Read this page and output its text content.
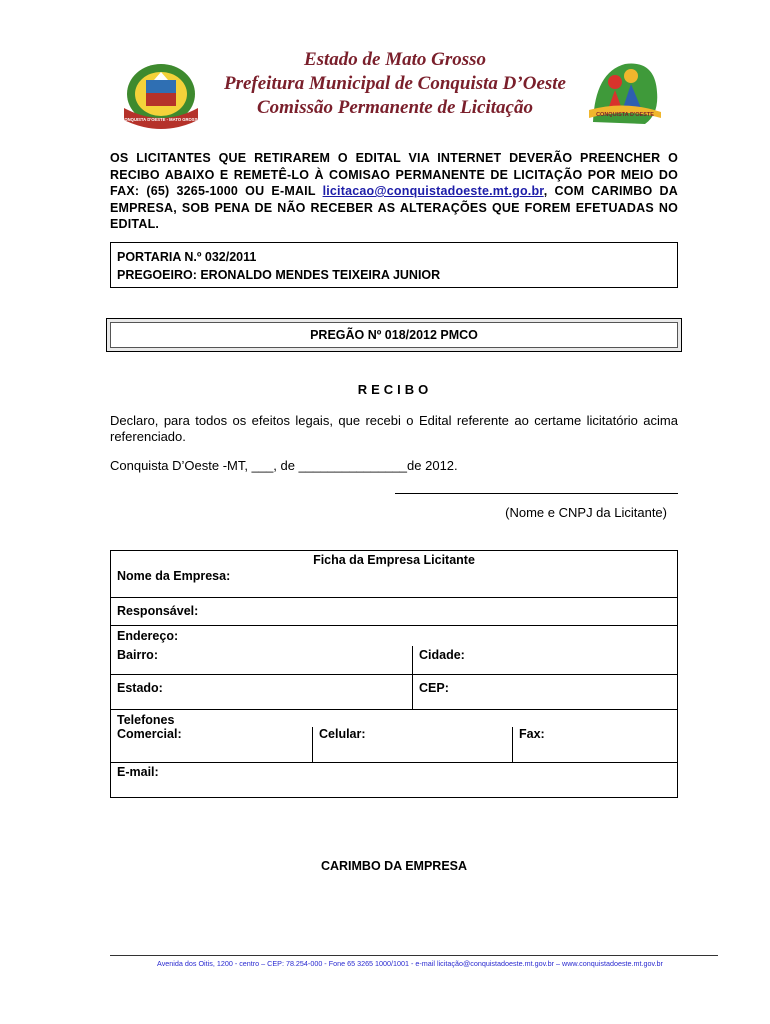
CONQUISTA D'OESTE - MATO GROSSO
Estado de Mato Grosso
Prefeitura Municipal de Conquista D’Oeste
Comissão Permanente de Licitação	CONQUISTA D'OESTE
OS LICITANTES QUE RETIRAREM O EDITAL VIA INTERNET DEVERÃO PREENCHER O RECIBO ABAIXO E REMETÊ-LO À COMISAO PERMANENTE DE LICITAÇÃO POR MEIO DO FAX: (65) 3265-1000 OU E-MAIL licitacao@conquistadoeste.mt.go.br, COM CARIMBO DA EMPRESA, SOB PENA DE NÃO RECEBER AS ALTERAÇÕES QUE FOREM EFETUADAS NO EDITAL.
PORTARIA N.º 032/2011
PREGOEIRO: ERONALDO MENDES TEIXEIRA JUNIOR
PREGÃO Nº 018/2012 PMCO
RECIBO
Declaro, para todos os efeitos legais, que recebi o Edital referente ao certame licitatório acima referenciado.
Conquista D’Oeste -MT, ___, de _______________de 2012.
(Nome e CNPJ da Licitante)
Ficha da Empresa Licitante
Nome da Empresa:
Responsável:
Endereço:
Bairro:	Cidade:
Estado:	CEP:
Telefones
Comercial:	Celular:	Fax:
E-mail:
CARIMBO DA EMPRESA
Avenida dos Oitis, 1200 - centro – CEP: 78.254-000 - Fone 65 3265 1000/1001 - e-mail licitação@conquistadoeste.mt.gov.br – www.conquistadoeste.mt.gov.br
